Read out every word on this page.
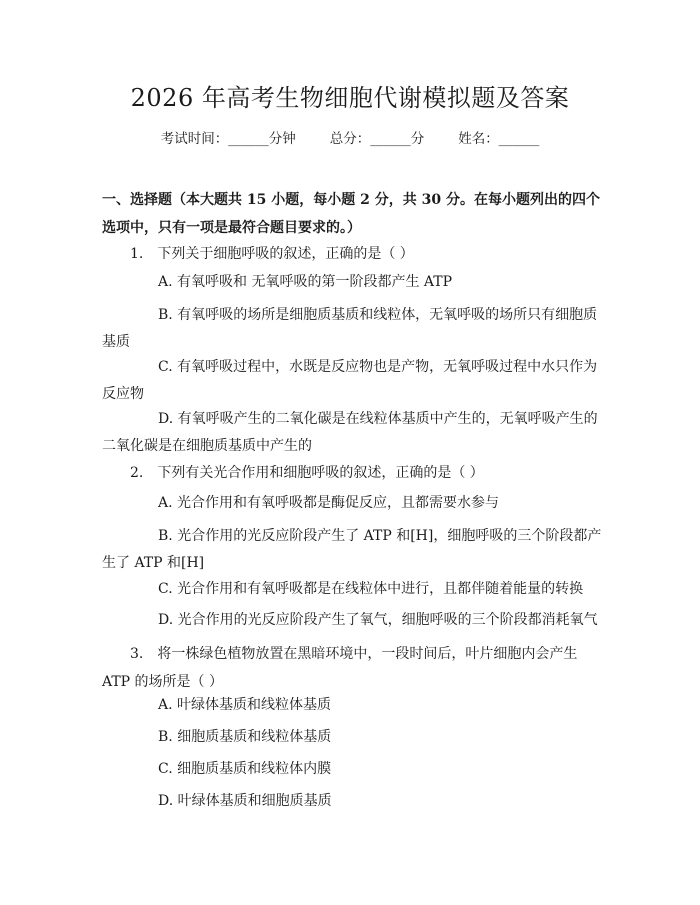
2026 年高考生物细胞代谢模拟题及答案
考试时间：______分钟	总分：______分	姓名：______
一、选择题（本大题共 15 小题，每小题 2 分，共 30 分。在每小题列出的四个选项中，只有一项是最符合题目要求的。）
1.　下列关于细胞呼吸的叙述，正确的是（ ）
A. 有氧呼吸和 无氧呼吸的第一阶段都产生 ATP
B. 有氧呼吸的场所是细胞质基质和线粒体，无氧呼吸的场所只有细胞质基质
C. 有氧呼吸过程中，水既是反应物也是产物，无氧呼吸过程中水只作为反应物
D. 有氧呼吸产生的二氧化碳是在线粒体基质中产生的，无氧呼吸产生的二氧化碳是在细胞质基质中产生的
2.　下列有关光合作用和细胞呼吸的叙述，正确的是（ ）
A. 光合作用和有氧呼吸都是酶促反应，且都需要水参与
B. 光合作用的光反应阶段产生了 ATP 和[H]，细胞呼吸的三个阶段都产生了 ATP 和[H]
C. 光合作用和有氧呼吸都是在线粒体中进行，且都伴随着能量的转换
D. 光合作用的光反应阶段产生了氧气，细胞呼吸的三个阶段都消耗氧气
3.　将一株绿色植物放置在黑暗环境中，一段时间后，叶片细胞内会产生 ATP 的场所是（ ）
A. 叶绿体基质和线粒体基质
B. 细胞质基质和线粒体基质
C. 细胞质基质和线粒体内膜
D. 叶绿体基质和细胞质基质
